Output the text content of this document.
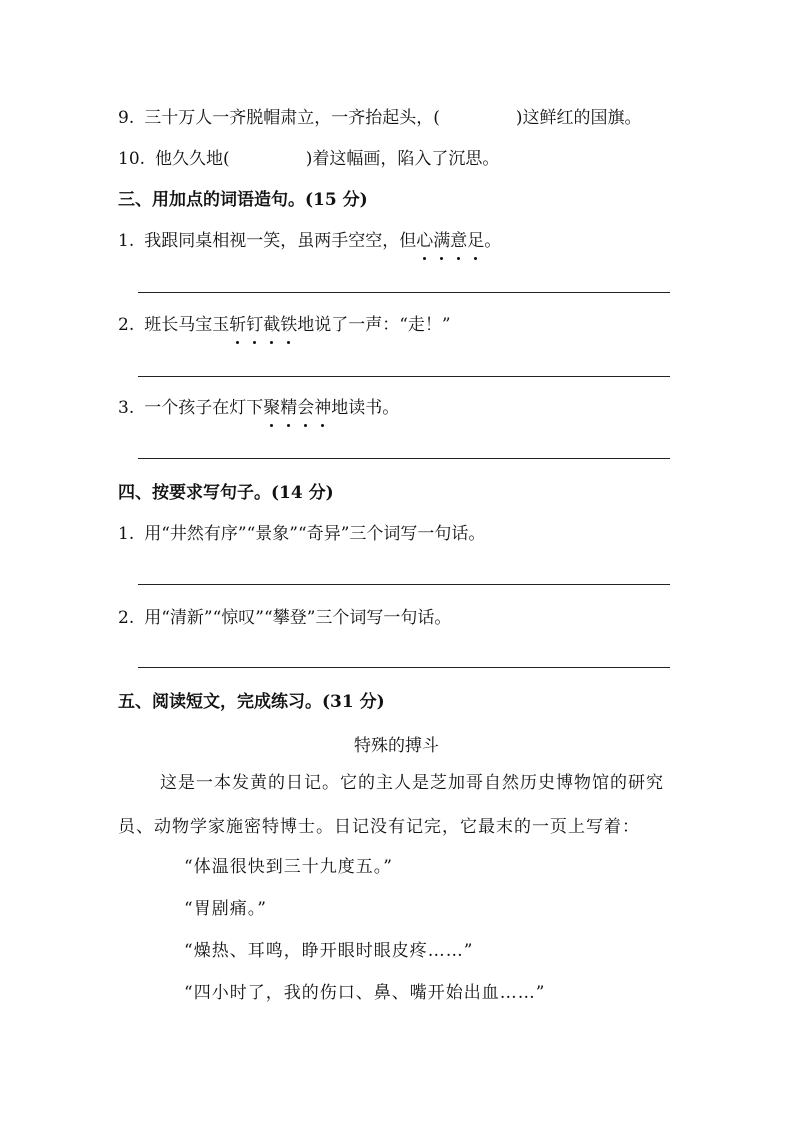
9. 三十万人一齐脱帽肃立，一齐抬起头，(	)这鲜红的国旗。
10. 他久久地(	)着这幅画，陷入了沉思。
三、用加点的词语造句。(15 分)
1. 我跟同桌相视一笑，虽两手空空，但心满意足。
2. 班长马宝玉斩钉截铁地说了一声：“走！”
3. 一个孩子在灯下聚精会神地读书。
四、按要求写句子。(14 分)
1. 用“井然有序”“景象”“奇异”三个词写一句话。
2. 用“清新”“惊叹”“攀登”三个词写一句话。
五、阅读短文，完成练习。(31 分)
特殊的搏斗
这是一本发黄的日记。它的主人是芝加哥自然历史博物馆的研究
员、动物学家施密特博士。日记没有记完，它最末的一页上写着：
“体温很快到三十九度五。”
“胃剧痛。”
“燥热、耳鸣，睁开眼时眼皮疼……”
“四小时了，我的伤口、鼻、嘴开始出血……”
